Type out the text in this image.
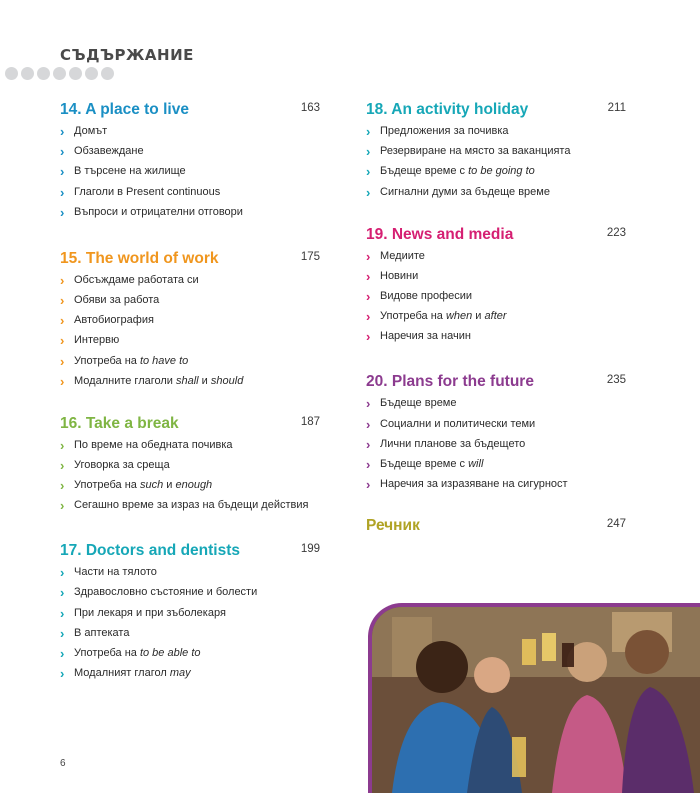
СЪДЪРЖАНИЕ
14. A place to live	163
› Домът
› Обзавеждане
› В търсене на жилище
› Глаголи в Present continuous
› Въпроси и отрицателни отговори
15. The world of work	175
› Обсъждаме работата си
› Обяви за работа
› Автобиография
› Интервю
› Употреба на to have to
› Модалните глаголи shall и should
16. Take a break	187
› По време на обедната почивка
› Уговорка за среща
› Употреба на such и enough
› Сегашно време за израз на бъдещи действия
17. Doctors and dentists	199
› Части на тялото
› Здравословно състояние и болести
› При лекаря и при зъболекаря
› В аптеката
› Употреба на to be able to
› Модалният глагол may
18. An activity holiday	211
› Предложения за почивка
› Резервиране на място за ваканцията
› Бъдеще време с to be going to
› Сигнални думи за бъдеще време
19. News and media	223
› Медиите
› Новини
› Видове професии
› Употреба на when и after
› Наречия за начин
20. Plans for the future	235
› Бъдеще време
› Социални и политически теми
› Лични планове за бъдещето
› Бъдеще време с will
› Наречия за изразяване на сигурност
Речник	247
6
